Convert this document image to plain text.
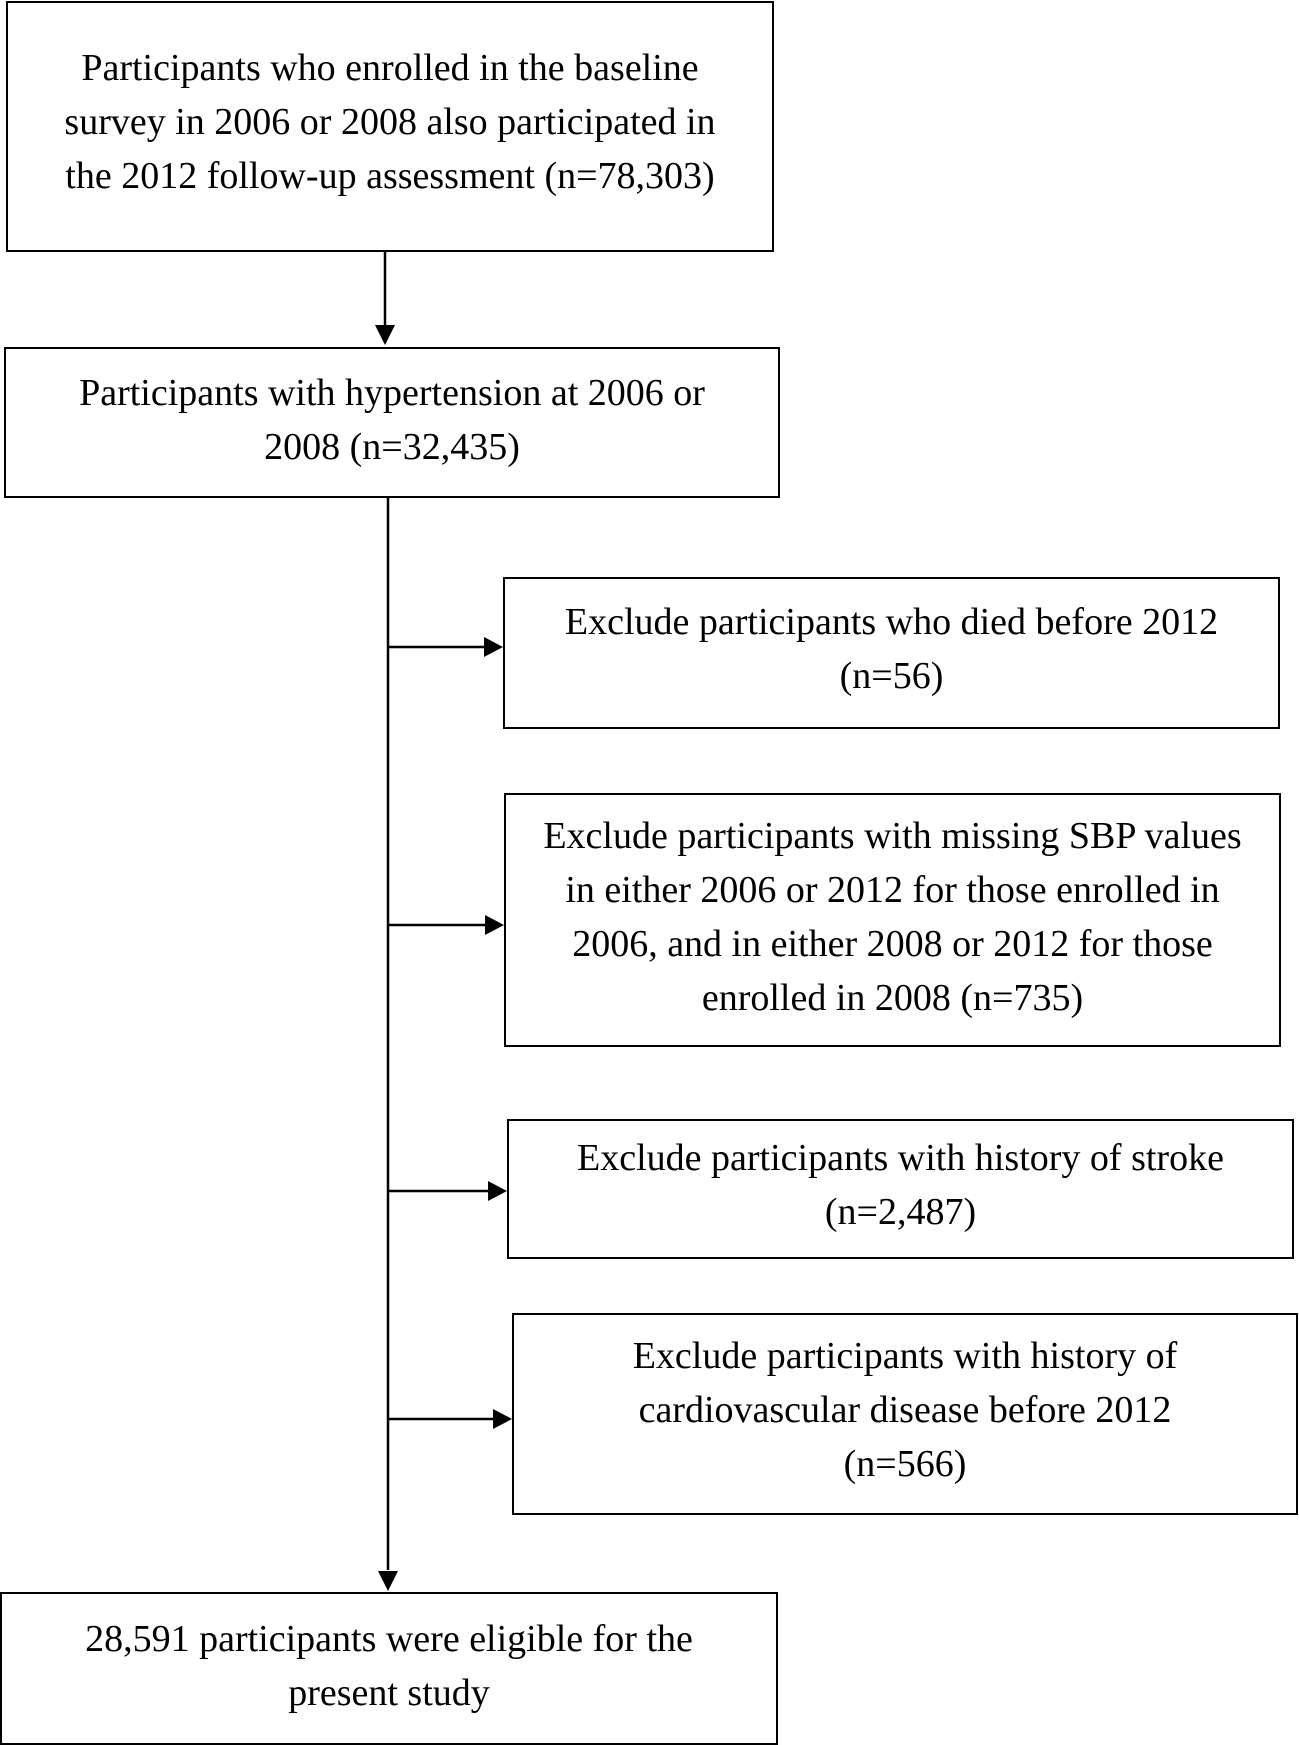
Participants who enrolled in the baseline survey in 2006 or 2008 also participated in the 2012 follow-up assessment (n=78,303)
Participants with hypertension at 2006 or 2008 (n=32,435)
Exclude participants who died before 2012 (n=56)
Exclude participants with missing SBP values in either 2006 or 2012 for those enrolled in 2006, and in either 2008 or 2012 for those enrolled in 2008 (n=735)
Exclude participants with history of stroke (n=2,487)
Exclude participants with history of cardiovascular disease before 2012 (n=566)
28,591 participants were eligible for the present study
